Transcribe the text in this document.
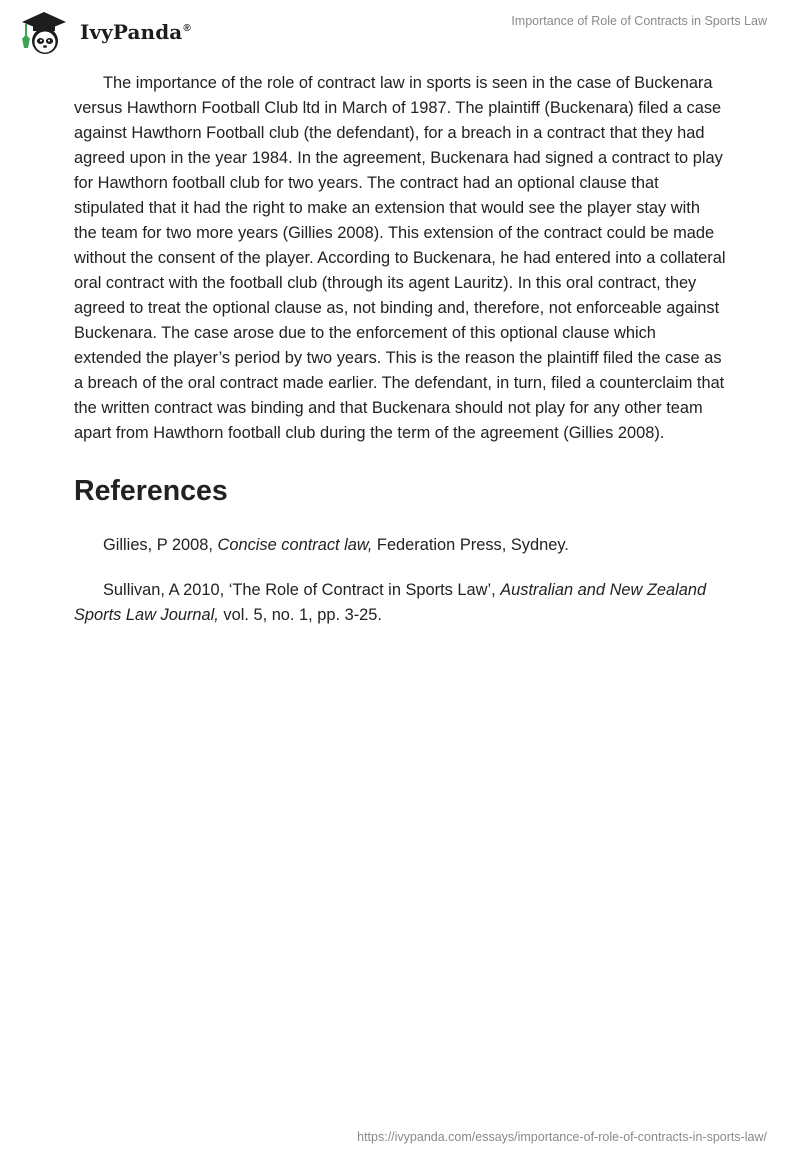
IvyPanda®
Importance of Role of Contracts in Sports Law

The importance of the role of contract law in sports is seen in the case of Buckenara versus Hawthorn Football Club ltd in March of 1987. The plaintiff (Buckenara) filed a case against Hawthorn Football club (the defendant), for a breach in a contract that they had agreed upon in the year 1984. In the agreement, Buckenara had signed a contract to play for Hawthorn football club for two years. The contract had an optional clause that stipulated that it had the right to make an extension that would see the player stay with the team for two more years (Gillies 2008). This extension of the contract could be made without the consent of the player. According to Buckenara, he had entered into a collateral oral contract with the football club (through its agent Lauritz). In this oral contract, they agreed to treat the optional clause as, not binding and, therefore, not enforceable against Buckenara. The case arose due to the enforcement of this optional clause which extended the player’s period by two years. This is the reason the plaintiff filed the case as a breach of the oral contract made earlier. The defendant, in turn, filed a counterclaim that the written contract was binding and that Buckenara should not play for any other team apart from Hawthorn football club during the term of the agreement (Gillies 2008).

References

Gillies, P 2008, Concise contract law, Federation Press, Sydney.

Sullivan, A 2010, ‘The Role of Contract in Sports Law’, Australian and New Zealand Sports Law Journal, vol. 5, no. 1, pp. 3-25.

https://ivypanda.com/essays/importance-of-role-of-contracts-in-sports-law/
